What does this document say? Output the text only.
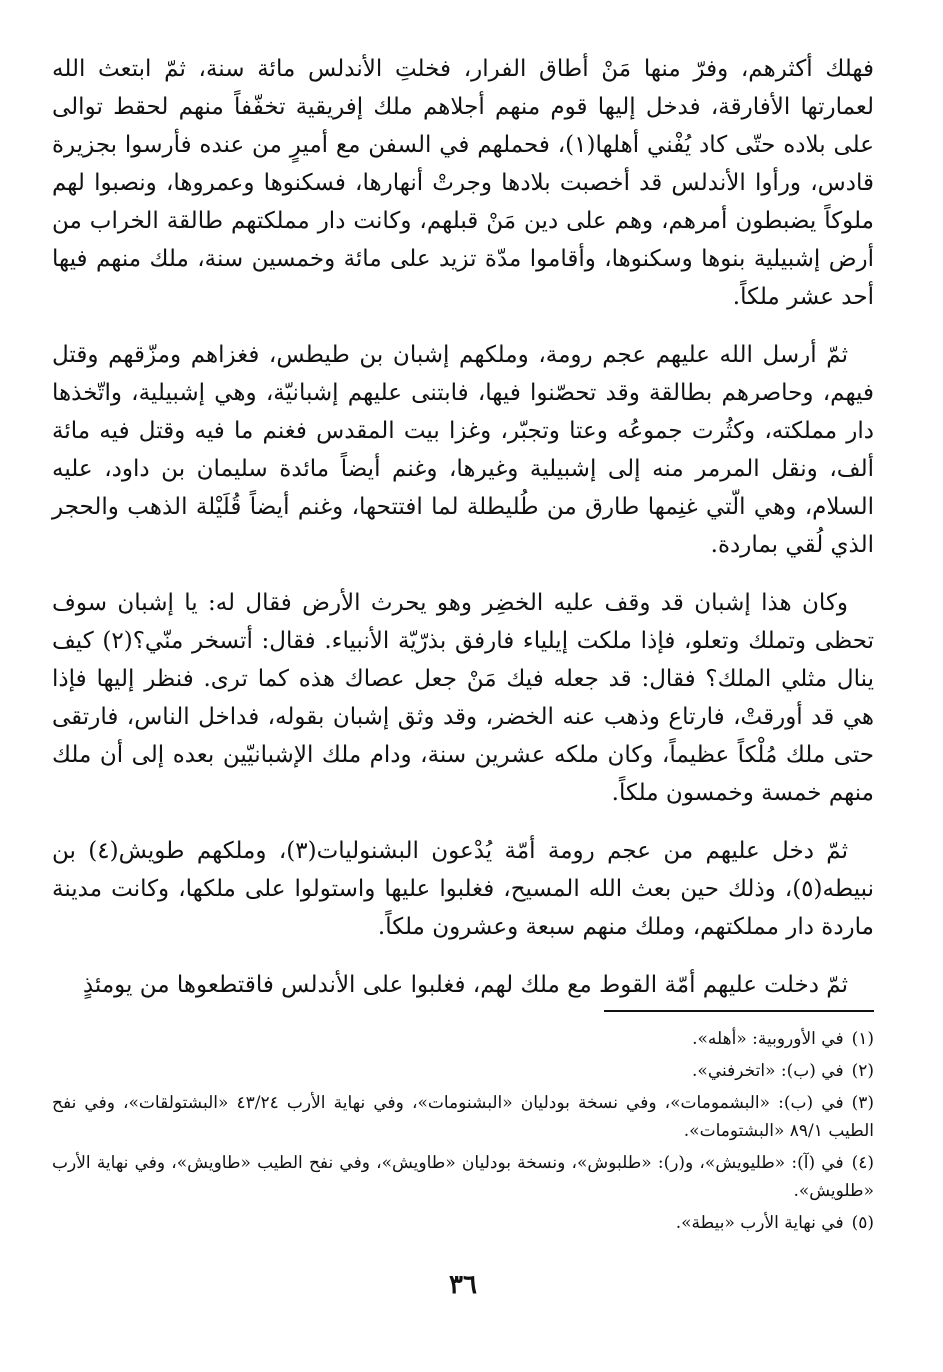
فهلك أكثرهم، وفرّ منها مَنْ أطاق الفرار، فخلتِ الأندلس مائة سنة، ثمّ ابتعث الله لعمارتها الأفارقة، فدخل إليها قوم منهم أجلاهم ملك إفريقية تخفّفاً منهم لحقط توالى على بلاده حتّى كاد يُفْني أهلها(١)، فحملهم في السفن مع أميرٍ من عنده فأرسوا بجزيرة قادس، ورأوا الأندلس قد أخصبت بلادها وجرتْ أنهارها، فسكنوها وعمروها، ونصبوا لهم ملوكاً يضبطون أمرهم، وهم على دين مَنْ قبلهم، وكانت دار مملكتهم طالقة الخراب من أرض إشبيلية بنوها وسكنوها، وأقاموا مدّة تزيد على مائة وخمسين سنة، ملك منهم فيها أحد عشر ملكاً.

ثمّ أرسل الله عليهم عجم رومة، وملكهم إشبان بن طيطس، فغزاهم ومزّقهم وقتل فيهم، وحاصرهم بطالقة وقد تحصّنوا فيها، فابتنى عليهم إشبانيّة، وهي إشبيلية، واتّخذها دار مملكته، وكثُرت جموعُه وعتا وتجبّر، وغزا بيت المقدس فغنم ما فيه وقتل فيه مائة ألف، ونقل المرمر منه إلى إشبيلية وغيرها، وغنم أيضاً مائدة سليمان بن داود، عليه السلام، وهي الّتي غنِمها طارق من طُليطلة لما افتتحها، وغنم أيضاً قُلَيْلة الذهب والحجر الذي لُقي بماردة.

وكان هذا إشبان قد وقف عليه الخضِر وهو يحرث الأرض فقال له: يا إشبان سوف تحظى وتملك وتعلو، فإذا ملكت إيلياء فارفق بذرّيّة الأنبياء. فقال: أتسخر منّي؟(٢) كيف ينال مثلي الملك؟ فقال: قد جعله فيك مَنْ جعل عصاك هذه كما ترى. فنظر إليها فإذا هي قد أورقتْ، فارتاع وذهب عنه الخضر، وقد وثق إشبان بقوله، فداخل الناس، فارتقى حتى ملك مُلْكاً عظيماً، وكان ملكه عشرين سنة، ودام ملك الإشبانيّين بعده إلى أن ملك منهم خمسة وخمسون ملكاً.

ثمّ دخل عليهم من عجم رومة أمّة يُدْعون البشنوليات(٣)، وملكهم طويش(٤) بن نبيطه(٥)، وذلك حين بعث الله المسيح، فغلبوا عليها واستولوا على ملكها، وكانت مدينة ماردة دار مملكتهم، وملك منهم سبعة وعشرون ملكاً.

ثمّ دخلت عليهم أمّة القوط مع ملك لهم، فغلبوا على الأندلس فاقتطعوها من يومئذٍ

(١)في الأوروبية: «أهله».

(٢)في (ب): «اتخرفني».

(٣)في (ب): «البشمومات»، وفي نسخة بودليان «البشنومات»، وفي نهاية الأرب ٤٣/٢٤ «البشتولقات»، وفي نفح الطيب ٨٩/١ «البشتومات».

(٤)في (آ): «طليويش»، و(ر): «طلبوش»، ونسخة بودليان «طاويش»، وفي نفح الطيب «طاويش»، وفي نهاية الأرب «طلويش».

(٥)في نهاية الأرب «بيطة».

٣٦
